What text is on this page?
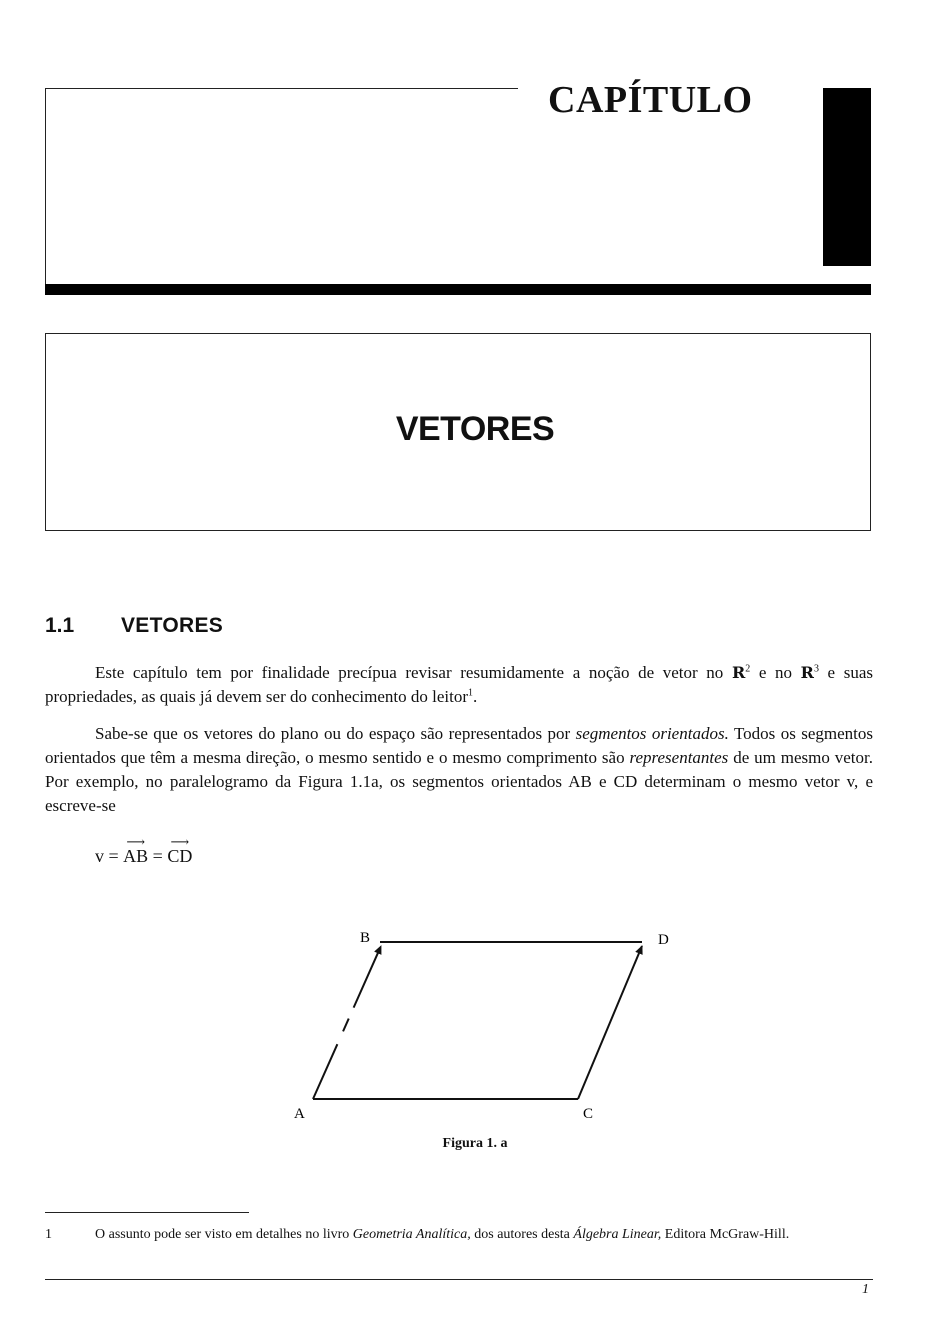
CAPÍTULO
VETORES
1.1 VETORES
Este capítulo tem por finalidade precípua revisar resumidamente a noção de vetor no $R^2$ e no $R^3$ e suas propriedades, as quais já devem ser do conhecimento do leitor$^1$.
Sabe-se que os vetores do plano ou do espaço são representados por segmentos orientados. Todos os segmentos orientados que têm a mesma direção, o mesmo sentido e o mesmo comprimento são representantes de um mesmo vetor. Por exemplo, no paralelogramo da Figura 1.1a, os segmentos orientados AB e CD determinam o mesmo vetor v, e escreve-se
v =
⟶
AB =
⟶
CD
B	D
A	C
Figura 1. a
1	O assunto pode ser visto em detalhes no livro Geometria Analítica, dos autores desta Álgebra Linear, Editora McGraw-Hill.
1
